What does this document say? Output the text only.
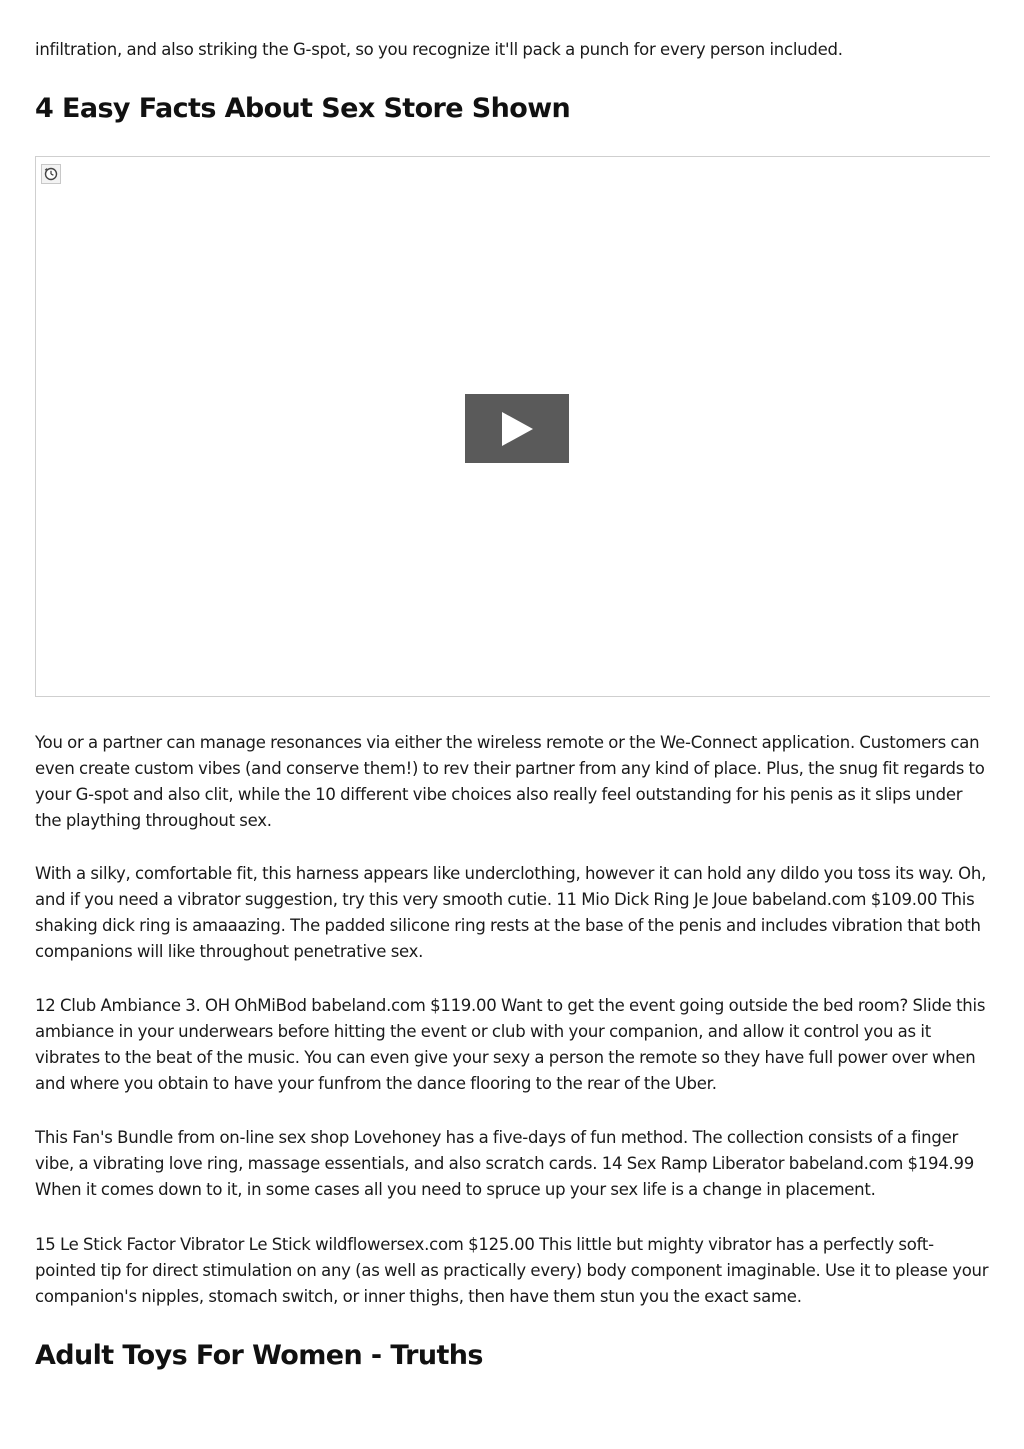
infiltration, and also striking the G-spot, so you recognize it'll pack a punch for every person included.

4 Easy Facts About Sex Store Shown

You or a partner can manage resonances via either the wireless remote or the We-Connect application. Customers can even create custom vibes (and conserve them!) to rev their partner from any kind of place. Plus, the snug fit regards to your G-spot and also clit, while the 10 different vibe choices also really feel outstanding for his penis as it slips under the plaything throughout sex.

With a silky, comfortable fit, this harness appears like underclothing, however it can hold any dildo you toss its way. Oh, and if you need a vibrator suggestion, try this very smooth cutie. 11 Mio Dick Ring Je Joue babeland.com $109.00 This shaking dick ring is amaaazing. The padded silicone ring rests at the base of the penis and includes vibration that both companions will like throughout penetrative sex.

12 Club Ambiance 3. OH OhMiBod babeland.com $119.00 Want to get the event going outside the bed room? Slide this ambiance in your underwears before hitting the event or club with your companion, and allow it control you as it vibrates to the beat of the music. You can even give your sexy a person the remote so they have full power over when and where you obtain to have your funfrom the dance flooring to the rear of the Uber.

This Fan's Bundle from on-line sex shop Lovehoney has a five-days of fun method. The collection consists of a finger vibe, a vibrating love ring, massage essentials, and also scratch cards. 14 Sex Ramp Liberator babeland.com $194.99 When it comes down to it, in some cases all you need to spruce up your sex life is a change in placement.

15 Le Stick Factor Vibrator Le Stick wildflowersex.com $125.00 This little but mighty vibrator has a perfectly soft-pointed tip for direct stimulation on any (as well as practically every) body component imaginable. Use it to please your companion's nipples, stomach switch, or inner thighs, then have them stun you the exact same.

Adult Toys For Women - Truths
